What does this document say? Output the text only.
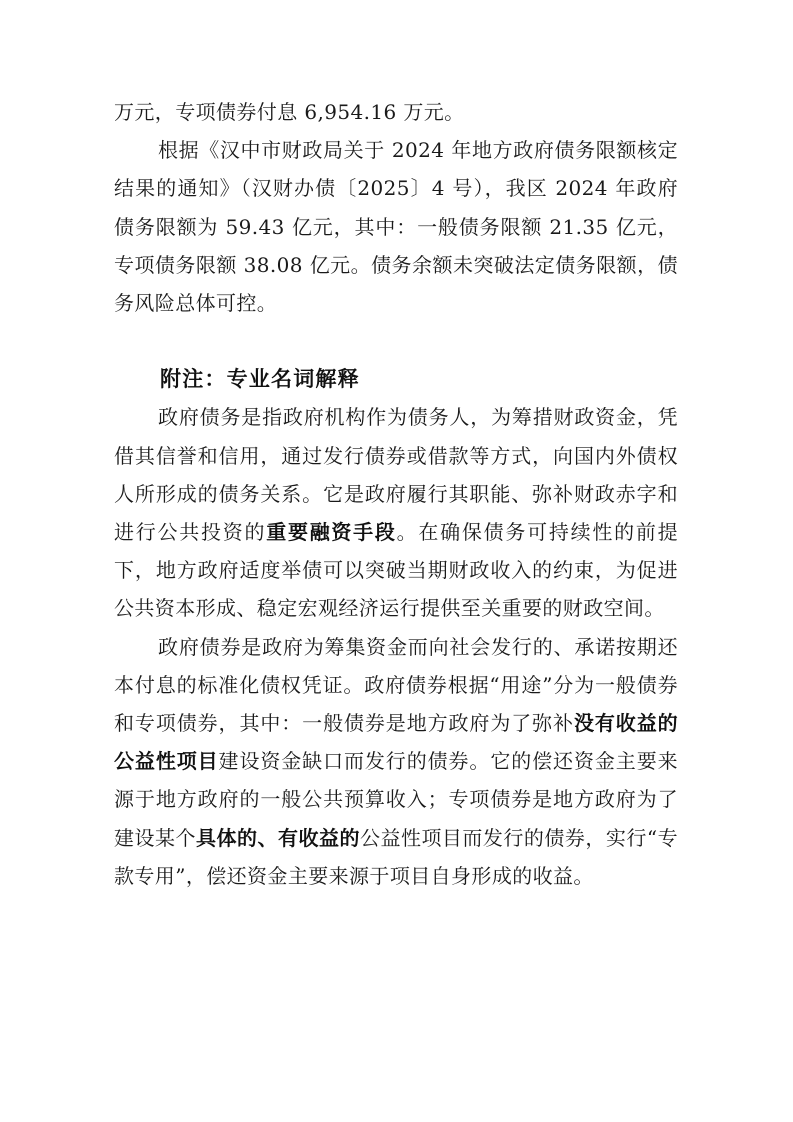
万元，专项债券付息 6,954.16 万元。

根据《汉中市财政局关于 2024 年地方政府债务限额核定结果的通知》（汉财办债〔2025〕4 号），我区 2024 年政府债务限额为 59.43 亿元，其中：一般债务限额 21.35 亿元，专项债务限额 38.08 亿元。债务余额未突破法定债务限额，债务风险总体可控。

附注：专业名词解释

政府债务是指政府机构作为债务人，为筹措财政资金，凭借其信誉和信用，通过发行债券或借款等方式，向国内外债权人所形成的债务关系。它是政府履行其职能、弥补财政赤字和进行公共投资的重要融资手段。在确保债务可持续性的前提下，地方政府适度举债可以突破当期财政收入的约束，为促进公共资本形成、稳定宏观经济运行提供至关重要的财政空间。

政府债券是政府为筹集资金而向社会发行的、承诺按期还本付息的标准化债权凭证。政府债券根据“用途”分为一般债券和专项债券，其中：一般债券是地方政府为了弥补没有收益的公益性项目建设资金缺口而发行的债券。它的偿还资金主要来源于地方政府的一般公共预算收入；专项债券是地方政府为了建设某个具体的、有收益的公益性项目而发行的债券，实行“专款专用”，偿还资金主要来源于项目自身形成的收益。
